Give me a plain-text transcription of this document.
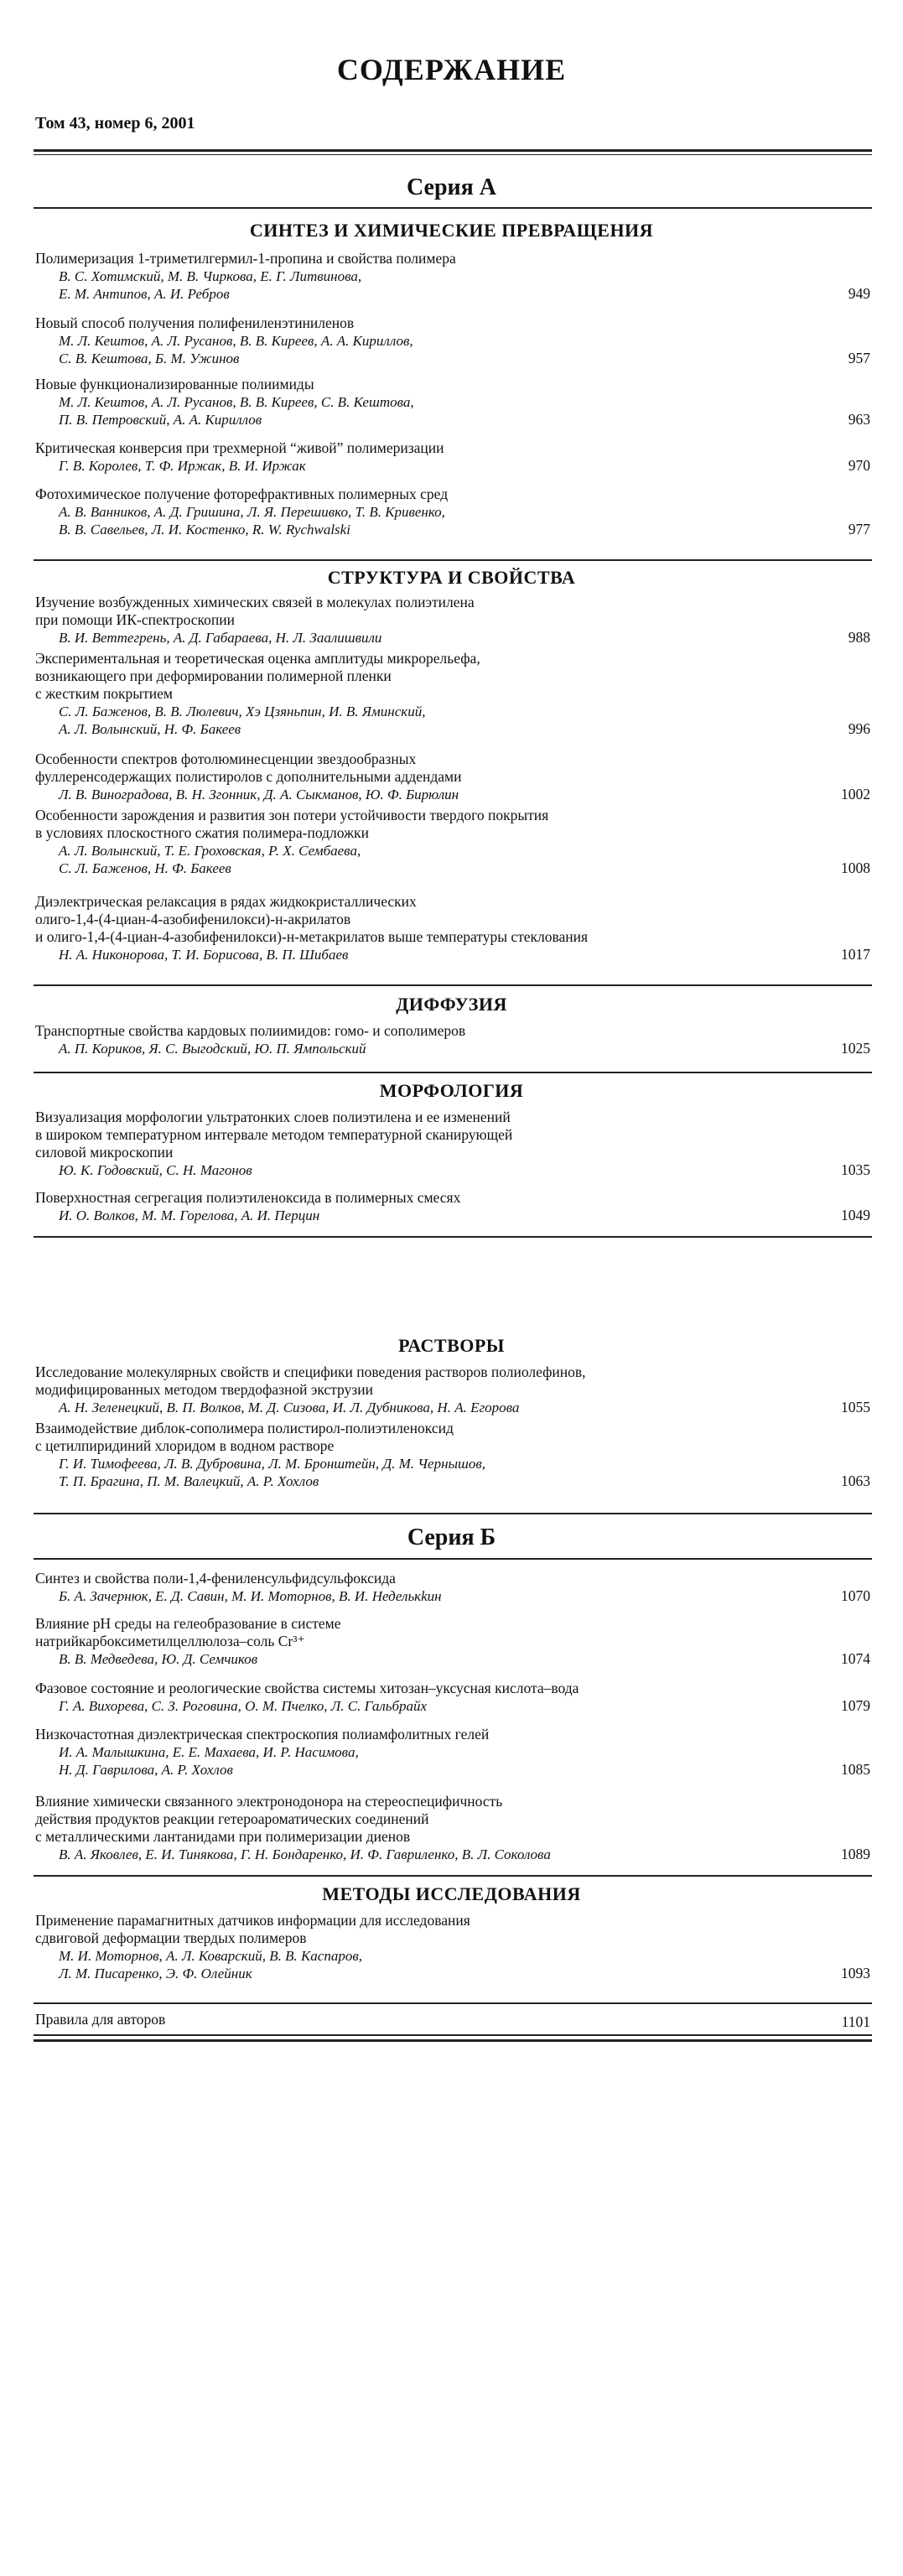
СОДЕРЖАНИЕ
Том 43, номер 6, 2001
Серия А
СИНТЕЗ И ХИМИЧЕСКИЕ ПРЕВРАЩЕНИЯ
Полимеризация 1-триметилгермил-1-пропина и свойства полимера
В. С. Хотимский, М. В. Чиркова, Е. Г. Литвинова,
Е. М. Антипов, А. И. Ребров	949
Новый способ получения полифениленэтиниленов
М. Л. Кештов, А. Л. Русанов, В. В. Киреев, А. А. Кириллов,
С. В. Кештова, Б. М. Ужинов	957
Новые функционализированные полиимиды
М. Л. Кештов, А. Л. Русанов, В. В. Киреев, С. В. Кештова,
П. В. Петровский, А. А. Кириллов	963
Критическая конверсия при трехмерной “живой” полимеризации
Г. В. Королев, Т. Ф. Иржак, В. И. Иржак	970
Фотохимическое получение фоторефрактивных полимерных сред
А. В. Ванников, А. Д. Гришина, Л. Я. Перешивко, Т. В. Кривенко,
В. В. Савельев, Л. И. Костенко, R. W. Rychwalski	977
СТРУКТУРА И СВОЙСТВА
Изучение возбужденных химических связей в молекулах полиэтилена
при помощи ИК-спектроскопии
В. И. Веттегрень, А. Д. Габараева, Н. Л. Заалишвили	988
Экспериментальная и теоретическая оценка амплитуды микрорельефа,
возникающего при деформировании полимерной пленки
с жестким покрытием
С. Л. Баженов, В. В. Люлевич, Хэ Цзяньпин, И. В. Яминский,
А. Л. Волынский, Н. Ф. Бакеев	996
Особенности спектров фотолюминесценции звездообразных
фуллеренсодержащих полистиролов с дополнительными аддендами
Л. В. Виноградова, В. Н. Згонник, Д. А. Сыкманов, Ю. Ф. Бирюлин	1002
Особенности зарождения и развития зон потери устойчивости твердого покрытия
в условиях плоскостного сжатия полимера-подложки
А. Л. Волынский, Т. Е. Гроховская, Р. Х. Сембаева,
С. Л. Баженов, Н. Ф. Бакеев	1008
Диэлектрическая релаксация в рядах жидкокристаллических
олиго-1,4-(4-циан-4-азобифенилокси)-н-акрилатов
и олиго-1,4-(4-циан-4-азобифенилокси)-н-метакрилатов выше температуры стеклования
Н. А. Никонорова, Т. И. Борисова, В. П. Шибаев	1017
ДИФФУЗИЯ
Транспортные свойства кардовых полиимидов: гомо- и сополимеров
А. П. Кориков, Я. С. Выгодский, Ю. П. Ямпольский	1025
МОРФОЛОГИЯ
Визуализация морфологии ультратонких слоев полиэтилена и ее изменений
в широком температурном интервале методом температурной сканирующей
силовой микроскопии
Ю. К. Годовский, С. Н. Магонов	1035
Поверхностная сегрегация полиэтиленоксида в полимерных смесях
И. О. Волков, М. М. Горелова, А. И. Перцин	1049
РАСТВОРЫ
Исследование молекулярных свойств и специфики поведения растворов полиолефинов,
модифицированных методом твердофазной экструзии
А. Н. Зеленецкий, В. П. Волков, М. Д. Сизова, И. Л. Дубникова, Н. А. Егорова	1055
Взаимодействие диблок-сополимера полистирол-полиэтиленоксид
с цетилпиридиний хлоридом в водном растворе
Г. И. Тимофеева, Л. В. Дубровина, Л. М. Бронштейн, Д. М. Чернышов,
Т. П. Брагина, П. М. Валецкий, А. Р. Хохлов	1063
Серия Б
Синтез и свойства поли-1,4-фениленсульфидсульфоксида
Б. А. Зачернюк, Е. Д. Савин, М. И. Моторнов, В. И. Неделькkин	1070
Влияние pH среды на гелеобразование в системе
натрийкарбоксиметилцеллюлоза–соль Cr³⁺
В. В. Медведева, Ю. Д. Семчиков	1074
Фазовое состояние и реологические свойства системы хитозан–уксусная кислота–вода
Г. А. Вихорева, С. З. Роговина, О. М. Пчелко, Л. С. Гальбрайх	1079
Низкочастотная диэлектрическая спектроскопия полиамфолитных гелей
И. А. Малышкина, Е. Е. Махаева, И. Р. Насимова,
Н. Д. Гаврилова, А. Р. Хохлов	1085
Влияние химически связанного электронодонора на стереоспецифичность
действия продуктов реакции гетероароматических соединений
с металлическими лантанидами при полимеризации диенов
В. А. Яковлев, Е. И. Тинякова, Г. Н. Бондаренко, И. Ф. Гавриленко, В. Л. Соколова	1089
МЕТОДЫ ИССЛЕДОВАНИЯ
Применение парамагнитных датчиков информации для исследования
сдвиговой деформации твердых полимеров
М. И. Моторнов, А. Л. Коварский, В. В. Каспаров,
Л. М. Писаренко, Э. Ф. Олейник	1093
Правила для авторов	1101
